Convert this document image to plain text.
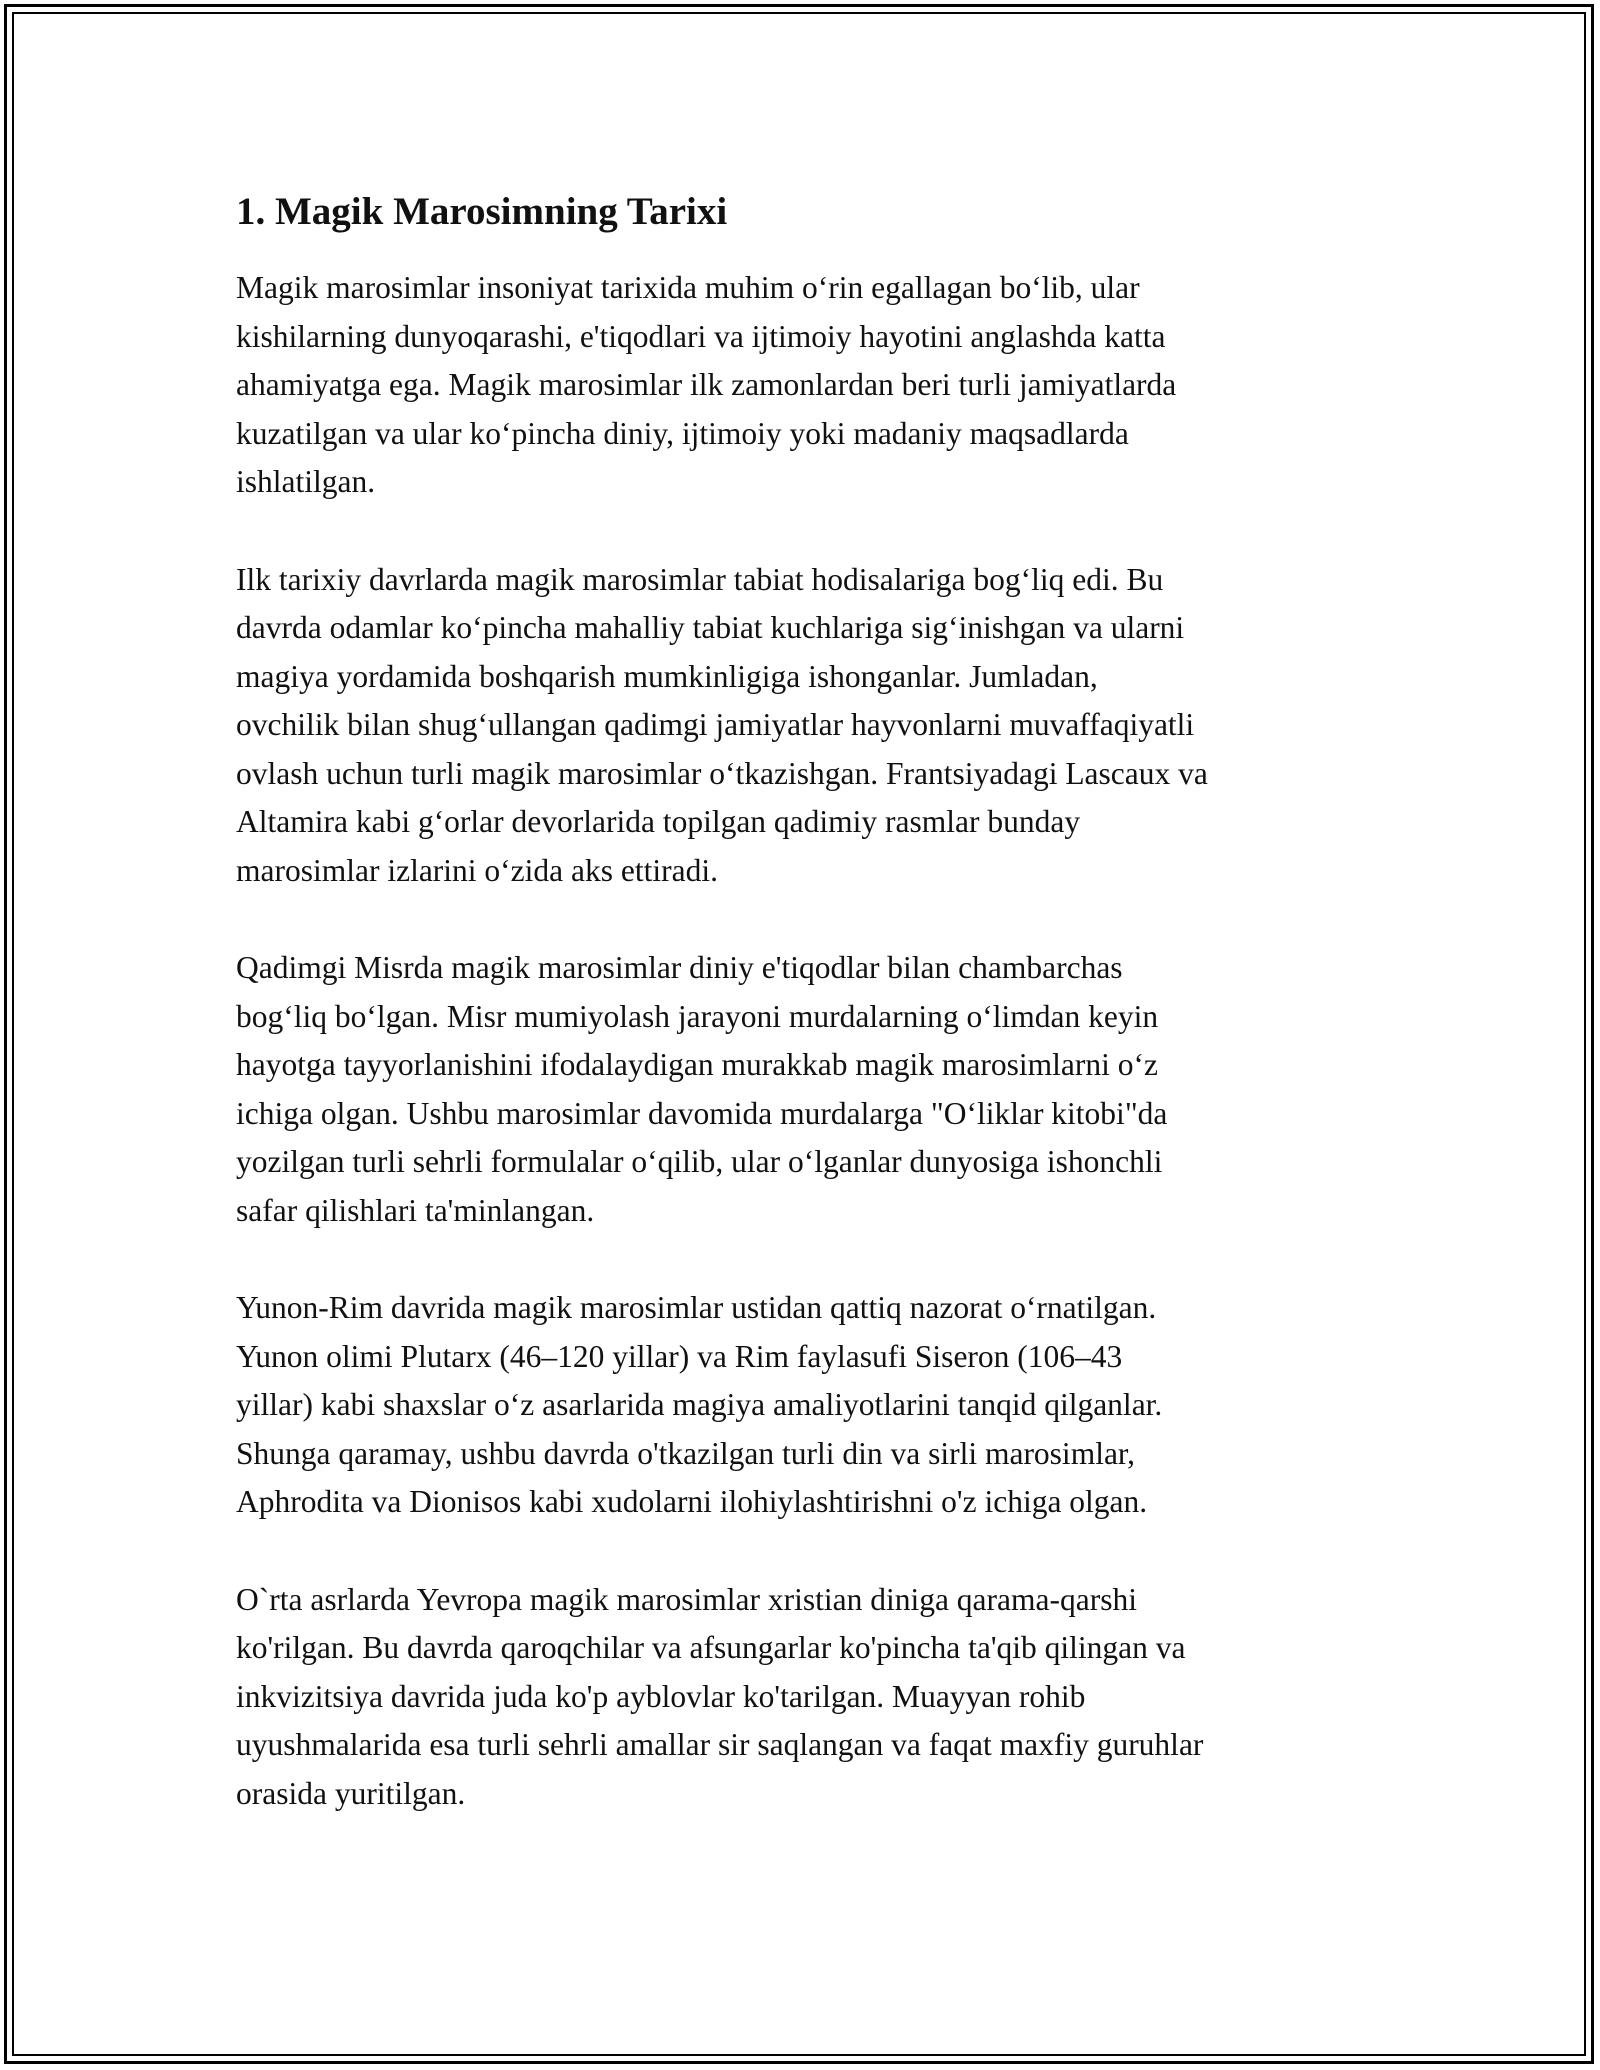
1. Magik Marosimning Tarixi

Magik marosimlar insoniyat tarixida muhim o‘rin egallagan bo‘lib, ular
kishilarning dunyoqarashi, e'tiqodlari va ijtimoiy hayotini anglashda katta
ahamiyatga ega. Magik marosimlar ilk zamonlardan beri turli jamiyatlarda
kuzatilgan va ular ko‘pincha diniy, ijtimoiy yoki madaniy maqsadlarda
ishlatilgan.

Ilk tarixiy davrlarda magik marosimlar tabiat hodisalariga bog‘liq edi. Bu
davrda odamlar ko‘pincha mahalliy tabiat kuchlariga sig‘inishgan va ularni
magiya yordamida boshqarish mumkinligiga ishonganlar. Jumladan,
ovchilik bilan shug‘ullangan qadimgi jamiyatlar hayvonlarni muvaffaqiyatli
ovlash uchun turli magik marosimlar o‘tkazishgan. Frantsiyadagi Lascaux va
Altamira kabi g‘orlar devorlarida topilgan qadimiy rasmlar bunday
marosimlar izlarini o‘zida aks ettiradi.

Qadimgi Misrda magik marosimlar diniy e'tiqodlar bilan chambarchas
bog‘liq bo‘lgan. Misr mumiyolash jarayoni murdalarning o‘limdan keyin
hayotga tayyorlanishini ifodalaydigan murakkab magik marosimlarni o‘z
ichiga olgan. Ushbu marosimlar davomida murdalarga "O‘liklar kitobi"da
yozilgan turli sehrli formulalar o‘qilib, ular o‘lganlar dunyosiga ishonchli
safar qilishlari ta'minlangan.

Yunon-Rim davrida magik marosimlar ustidan qattiq nazorat o‘rnatilgan.
Yunon olimi Plutarx (46–120 yillar) va Rim faylasufi Siseron (106–43
yillar) kabi shaxslar o‘z asarlarida magiya amaliyotlarini tanqid qilganlar.
Shunga qaramay, ushbu davrda o'tkazilgan turli din va sirli marosimlar,
Aphrodita va Dionisos kabi xudolarni ilohiylashtirishni o'z ichiga olgan.

O`rta asrlarda Yevropa magik marosimlar xristian diniga qarama-qarshi
ko'rilgan. Bu davrda qaroqchilar va afsungarlar ko'pincha ta'qib qilingan va
inkvizitsiya davrida juda ko'p ayblovlar ko'tarilgan. Muayyan rohib
uyushmalarida esa turli sehrli amallar sir saqlangan va faqat maxfiy guruhlar
orasida yuritilgan.
